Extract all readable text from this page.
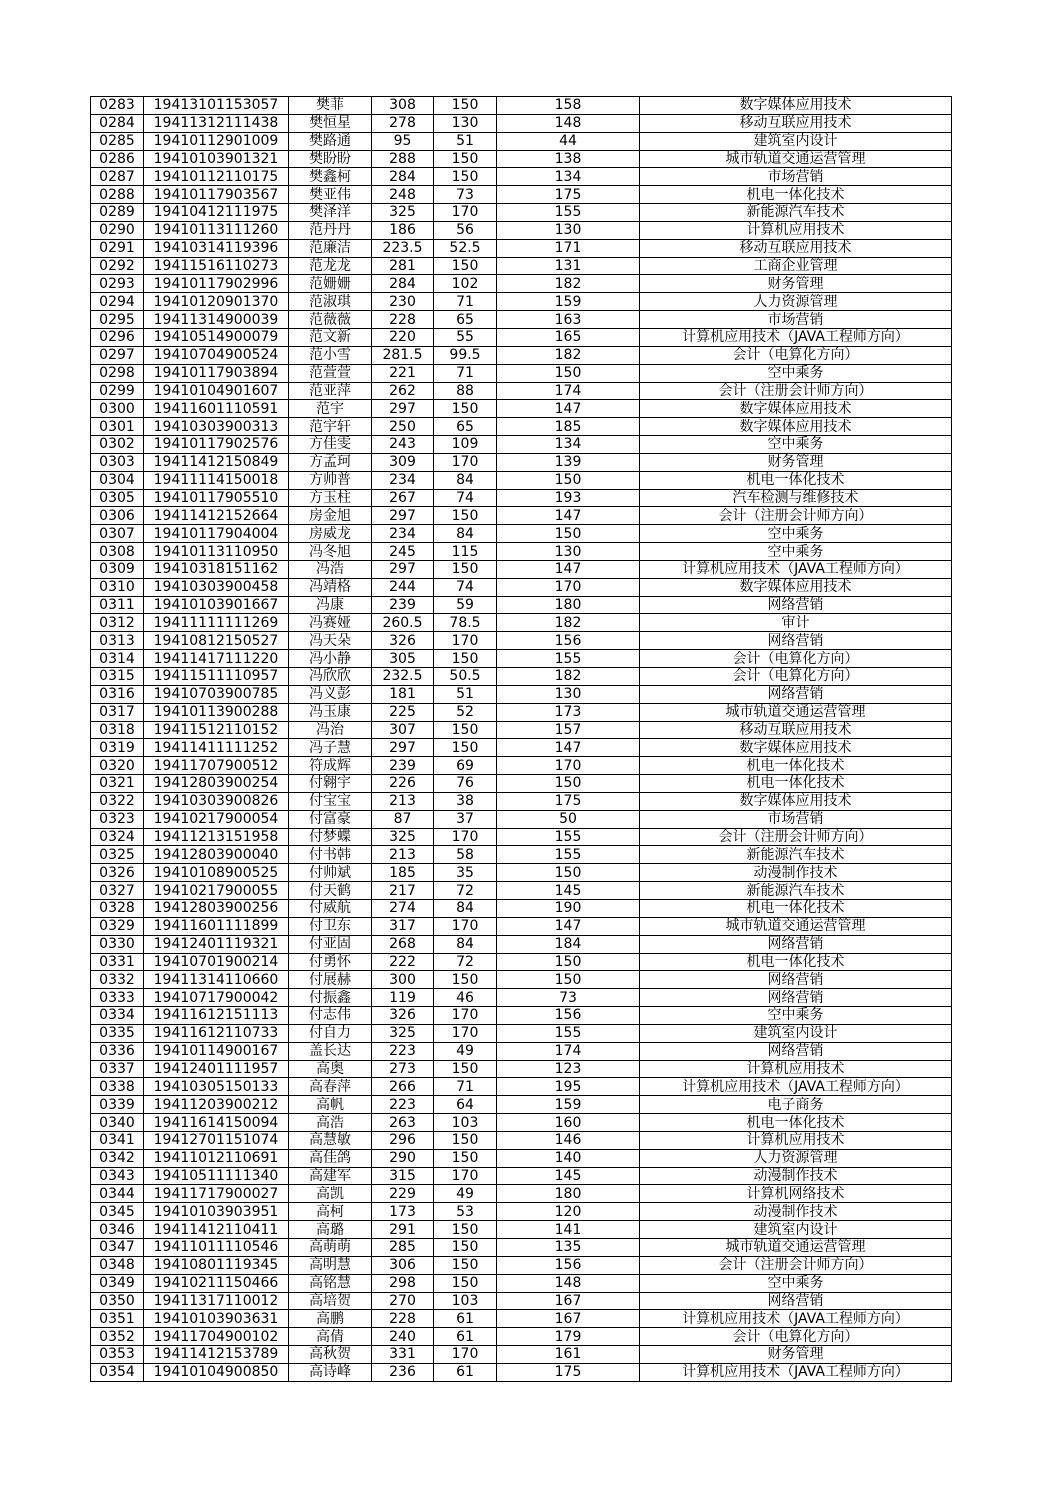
0283	19413101153057	樊菲	308	150	158	数字媒体应用技术
0284	19411312111438	樊恒星	278	130	148	移动互联应用技术
0285	19410112901009	樊路通	95	51	44	建筑室内设计
0286	19410103901321	樊盼盼	288	150	138	城市轨道交通运营管理
0287	19410112110175	樊鑫柯	284	150	134	市场营销
0288	19410117903567	樊亚伟	248	73	175	机电一体化技术
0289	19410412111975	樊泽洋	325	170	155	新能源汽车技术
0290	19410113111260	范丹丹	186	56	130	计算机应用技术
0291	19410314119396	范廉洁	223.5	52.5	171	移动互联应用技术
0292	19411516110273	范龙龙	281	150	131	工商企业管理
0293	19410117902996	范姗姗	284	102	182	财务管理
0294	19410120901370	范淑琪	230	71	159	人力资源管理
0295	19411314900039	范薇薇	228	65	163	市场营销
0296	19410514900079	范文新	220	55	165	计算机应用技术（JAVA工程师方向）
0297	19410704900524	范小雪	281.5	99.5	182	会计（电算化方向）
0298	19410117903894	范萱萱	221	71	150	空中乘务
0299	19410104901607	范亚萍	262	88	174	会计（注册会计师方向）
0300	19411601110591	范宇	297	150	147	数字媒体应用技术
0301	19410303900313	范宇轩	250	65	185	数字媒体应用技术
0302	19410117902576	方佳雯	243	109	134	空中乘务
0303	19411412150849	方孟珂	309	170	139	财务管理
0304	19411114150018	方帅普	234	84	150	机电一体化技术
0305	19410117905510	方玉柱	267	74	193	汽车检测与维修技术
0306	19411412152664	房金旭	297	150	147	会计（注册会计师方向）
0307	19410117904004	房威龙	234	84	150	空中乘务
0308	19410113110950	冯冬旭	245	115	130	空中乘务
0309	19410318151162	冯浩	297	150	147	计算机应用技术（JAVA工程师方向）
0310	19410303900458	冯靖格	244	74	170	数字媒体应用技术
0311	19410103901667	冯康	239	59	180	网络营销
0312	19411111111269	冯赛娅	260.5	78.5	182	审计
0313	19410812150527	冯天朵	326	170	156	网络营销
0314	19411417111220	冯小静	305	150	155	会计（电算化方向）
0315	19411511110957	冯欣欣	232.5	50.5	182	会计（电算化方向）
0316	19410703900785	冯义彭	181	51	130	网络营销
0317	19410113900288	冯玉康	225	52	173	城市轨道交通运营管理
0318	19411512110152	冯治	307	150	157	移动互联应用技术
0319	19411411111252	冯子慧	297	150	147	数字媒体应用技术
0320	19411707900512	符成辉	239	69	170	机电一体化技术
0321	19412803900254	付翱宇	226	76	150	机电一体化技术
0322	19410303900826	付宝宝	213	38	175	数字媒体应用技术
0323	19410217900054	付富豪	87	37	50	市场营销
0324	19411213151958	付梦蝶	325	170	155	会计（注册会计师方向）
0325	19412803900040	付书韩	213	58	155	新能源汽车技术
0326	19410108900525	付帅斌	185	35	150	动漫制作技术
0327	19410217900055	付天鹤	217	72	145	新能源汽车技术
0328	19412803900256	付威航	274	84	190	机电一体化技术
0329	19411601111899	付卫东	317	170	147	城市轨道交通运营管理
0330	19412401119321	付亚固	268	84	184	网络营销
0331	19410701900214	付勇怀	222	72	150	机电一体化技术
0332	19411314110660	付展赫	300	150	150	网络营销
0333	19410717900042	付振鑫	119	46	73	网络营销
0334	19411612151113	付志伟	326	170	156	空中乘务
0335	19411612110733	付自力	325	170	155	建筑室内设计
0336	19410114900167	盖长达	223	49	174	网络营销
0337	19412401111957	高奥	273	150	123	计算机应用技术
0338	19410305150133	高春萍	266	71	195	计算机应用技术（JAVA工程师方向）
0339	19411203900212	高帆	223	64	159	电子商务
0340	19411614150094	高浩	263	103	160	机电一体化技术
0341	19412701151074	高慧敏	296	150	146	计算机应用技术
0342	19411012110691	高佳鸽	290	150	140	人力资源管理
0343	19410511111340	高建军	315	170	145	动漫制作技术
0344	19411717900027	高凯	229	49	180	计算机网络技术
0345	19410103903951	高柯	173	53	120	动漫制作技术
0346	19411412110411	高璐	291	150	141	建筑室内设计
0347	19411011110546	高萌萌	285	150	135	城市轨道交通运营管理
0348	19410801119345	高明慧	306	150	156	会计（注册会计师方向）
0349	19410211150466	高铭慧	298	150	148	空中乘务
0350	19411317110012	高培贺	270	103	167	网络营销
0351	19410103903631	高鹏	228	61	167	计算机应用技术（JAVA工程师方向）
0352	19411704900102	高倩	240	61	179	会计（电算化方向）
0353	19411412153789	高秋贺	331	170	161	财务管理
0354	19410104900850	高诗峰	236	61	175	计算机应用技术（JAVA工程师方向）
